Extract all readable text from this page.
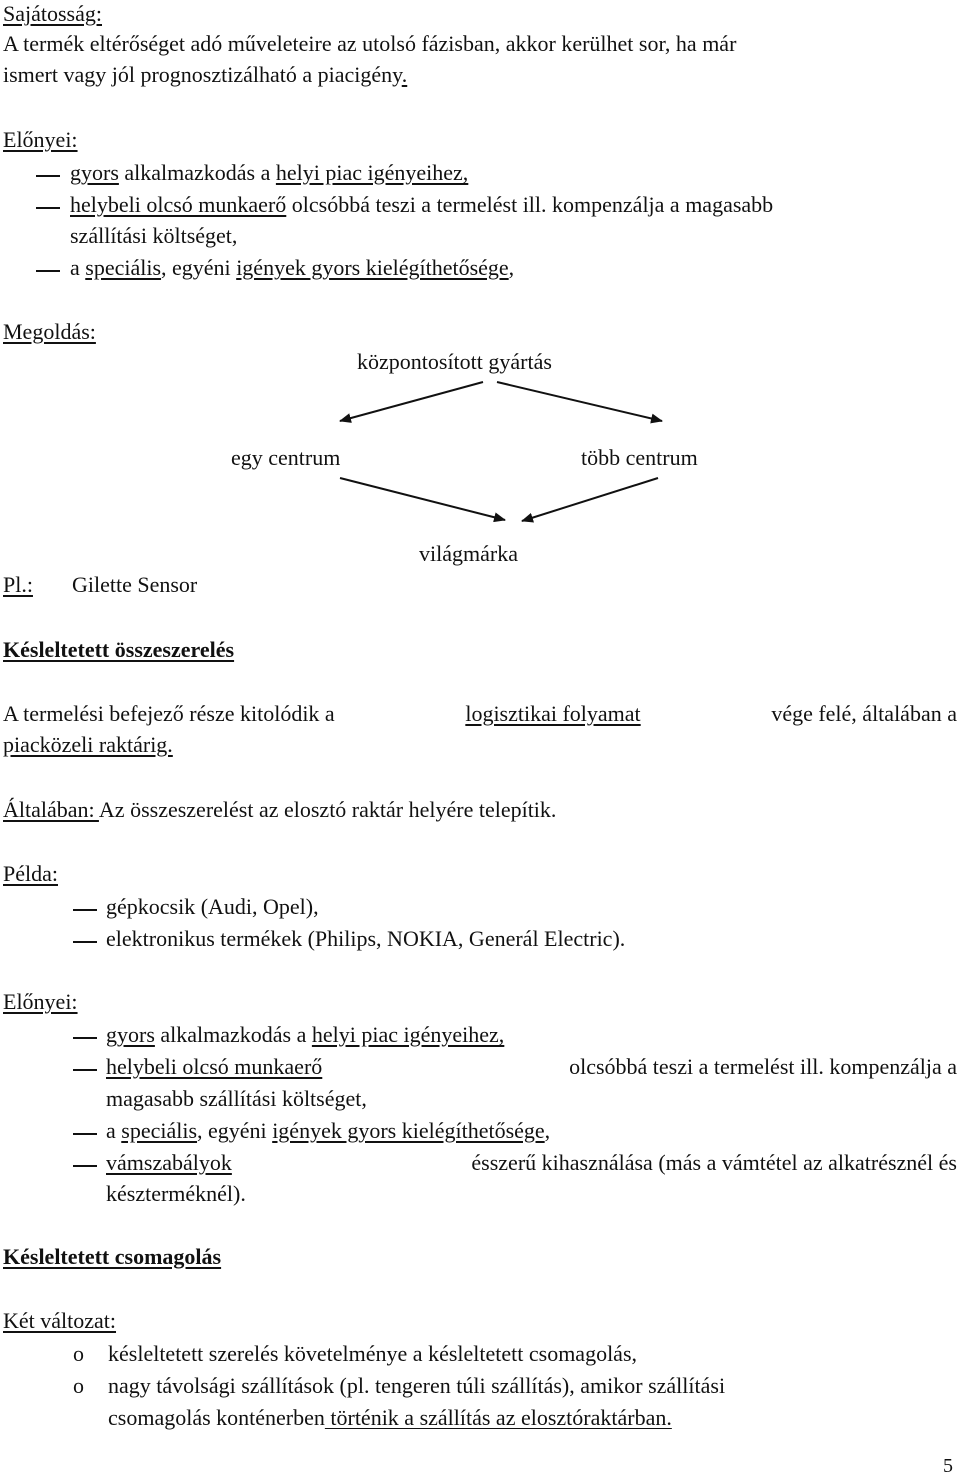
Sajátosság:
A termék eltérőséget adó műveleteire az utolsó fázisban, akkor kerülhet sor, ha már
ismert vagy jól prognosztizálható a piacigény.
Előnyei:
gyors alkalmazkodás a helyi piac igényeihez,
helybeli olcsó munkaerő olcsóbbá teszi a termelést ill. kompenzálja a magasabb
szállítási költséget,
a speciális, egyéni igények gyors kielégíthetősége,
Megoldás:
központosított gyártás
egy centrum	több centrum
világmárka
Pl.: Gilette Sensor
Késleltetett összeszerelés
A termelési befejező része kitolódik a	logisztikai folyamat	vége felé, általában a
piacközeli raktárig.
Általában: Az összeszerelést az elosztó raktár helyére telepítik.
Példa:
gépkocsik (Audi, Opel),
elektronikus termékek (Philips, NOKIA, Generál Electric).
Előnyei:
gyors alkalmazkodás a helyi piac igényeihez,
helybeli olcsó munkaerő	olcsóbbá teszi a termelést ill. kompenzálja a
magasabb szállítási költséget,
a speciális, egyéni igények gyors kielégíthetősége,
vámszabályok	ésszerű kihasználása (más a vámtétel az alkatrésznél és
készterméknél).
Késleltetett csomagolás
Két változat:
o késleltetett szerelés követelménye a késleltetett csomagolás,
o nagy távolsági szállítások (pl. tengeren túli szállítás), amikor szállítási
csomagolás konténerben történik a szállítás az elosztóraktárban.
5
